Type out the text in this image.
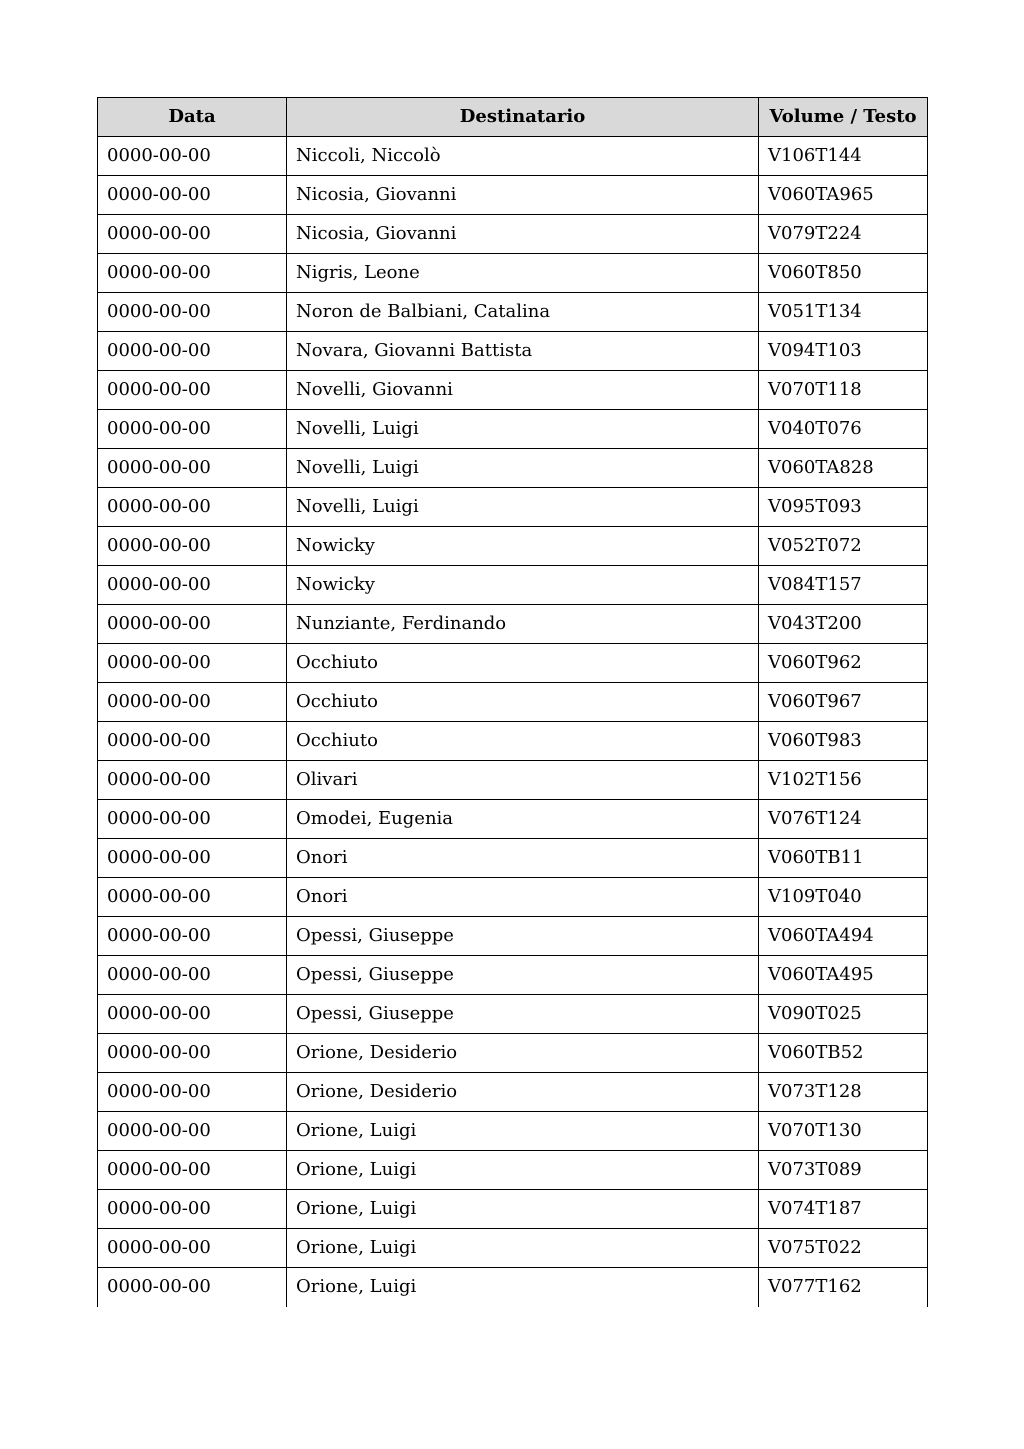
Data	Destinatario	Volume / Testo
0000-00-00	Niccoli, Niccolò	V106T144
0000-00-00	Nicosia, Giovanni	V060TA965
0000-00-00	Nicosia, Giovanni	V079T224
0000-00-00	Nigris, Leone	V060T850
0000-00-00	Noron de Balbiani, Catalina	V051T134
0000-00-00	Novara, Giovanni Battista	V094T103
0000-00-00	Novelli, Giovanni	V070T118
0000-00-00	Novelli, Luigi	V040T076
0000-00-00	Novelli, Luigi	V060TA828
0000-00-00	Novelli, Luigi	V095T093
0000-00-00	Nowicky	V052T072
0000-00-00	Nowicky	V084T157
0000-00-00	Nunziante, Ferdinando	V043T200
0000-00-00	Occhiuto	V060T962
0000-00-00	Occhiuto	V060T967
0000-00-00	Occhiuto	V060T983
0000-00-00	Olivari	V102T156
0000-00-00	Omodei, Eugenia	V076T124
0000-00-00	Onori	V060TB11
0000-00-00	Onori	V109T040
0000-00-00	Opessi, Giuseppe	V060TA494
0000-00-00	Opessi, Giuseppe	V060TA495
0000-00-00	Opessi, Giuseppe	V090T025
0000-00-00	Orione, Desiderio	V060TB52
0000-00-00	Orione, Desiderio	V073T128
0000-00-00	Orione, Luigi	V070T130
0000-00-00	Orione, Luigi	V073T089
0000-00-00	Orione, Luigi	V074T187
0000-00-00	Orione, Luigi	V075T022
0000-00-00	Orione, Luigi	V077T162
